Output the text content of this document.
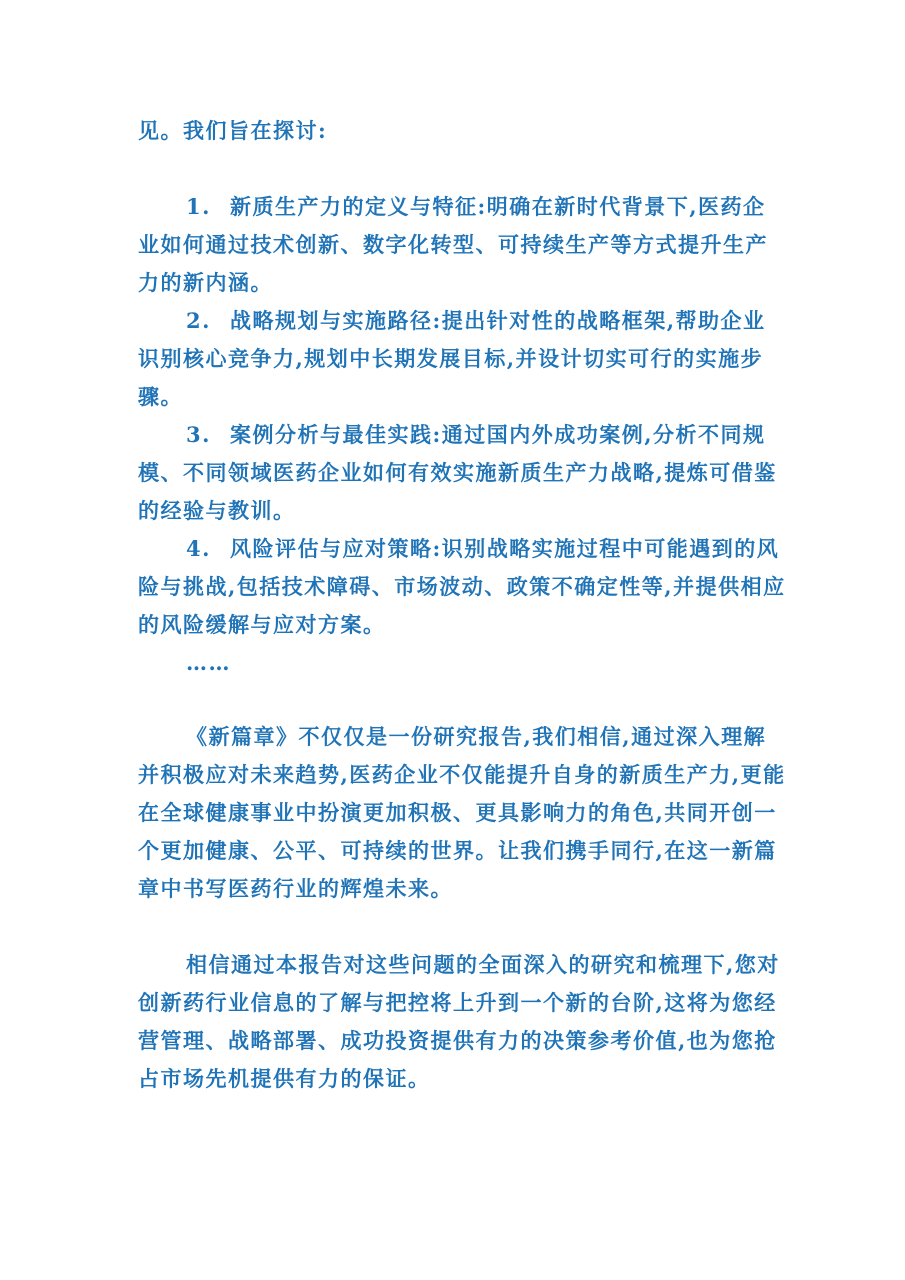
见。我们旨在探讨:

1. 新质生产力的定义与特征:明确在新时代背景下,医药企业如何通过技术创新、数字化转型、可持续生产等方式提升生产力的新内涵。

2. 战略规划与实施路径:提出针对性的战略框架,帮助企业识别核心竞争力,规划中长期发展目标,并设计切实可行的实施步骤。

3. 案例分析与最佳实践:通过国内外成功案例,分析不同规模、不同领域医药企业如何有效实施新质生产力战略,提炼可借鉴的经验与教训。

4. 风险评估与应对策略:识别战略实施过程中可能遇到的风险与挑战,包括技术障碍、市场波动、政策不确定性等,并提供相应的风险缓解与应对方案。

……

《新篇章》不仅仅是一份研究报告,我们相信,通过深入理解并积极应对未来趋势,医药企业不仅能提升自身的新质生产力,更能在全球健康事业中扮演更加积极、更具影响力的角色,共同开创一个更加健康、公平、可持续的世界。让我们携手同行,在这一新篇章中书写医药行业的辉煌未来。

相信通过本报告对这些问题的全面深入的研究和梳理下,您对创新药行业信息的了解与把控将上升到一个新的台阶,这将为您经营管理、战略部署、成功投资提供有力的决策参考价值,也为您抢占市场先机提供有力的保证。
